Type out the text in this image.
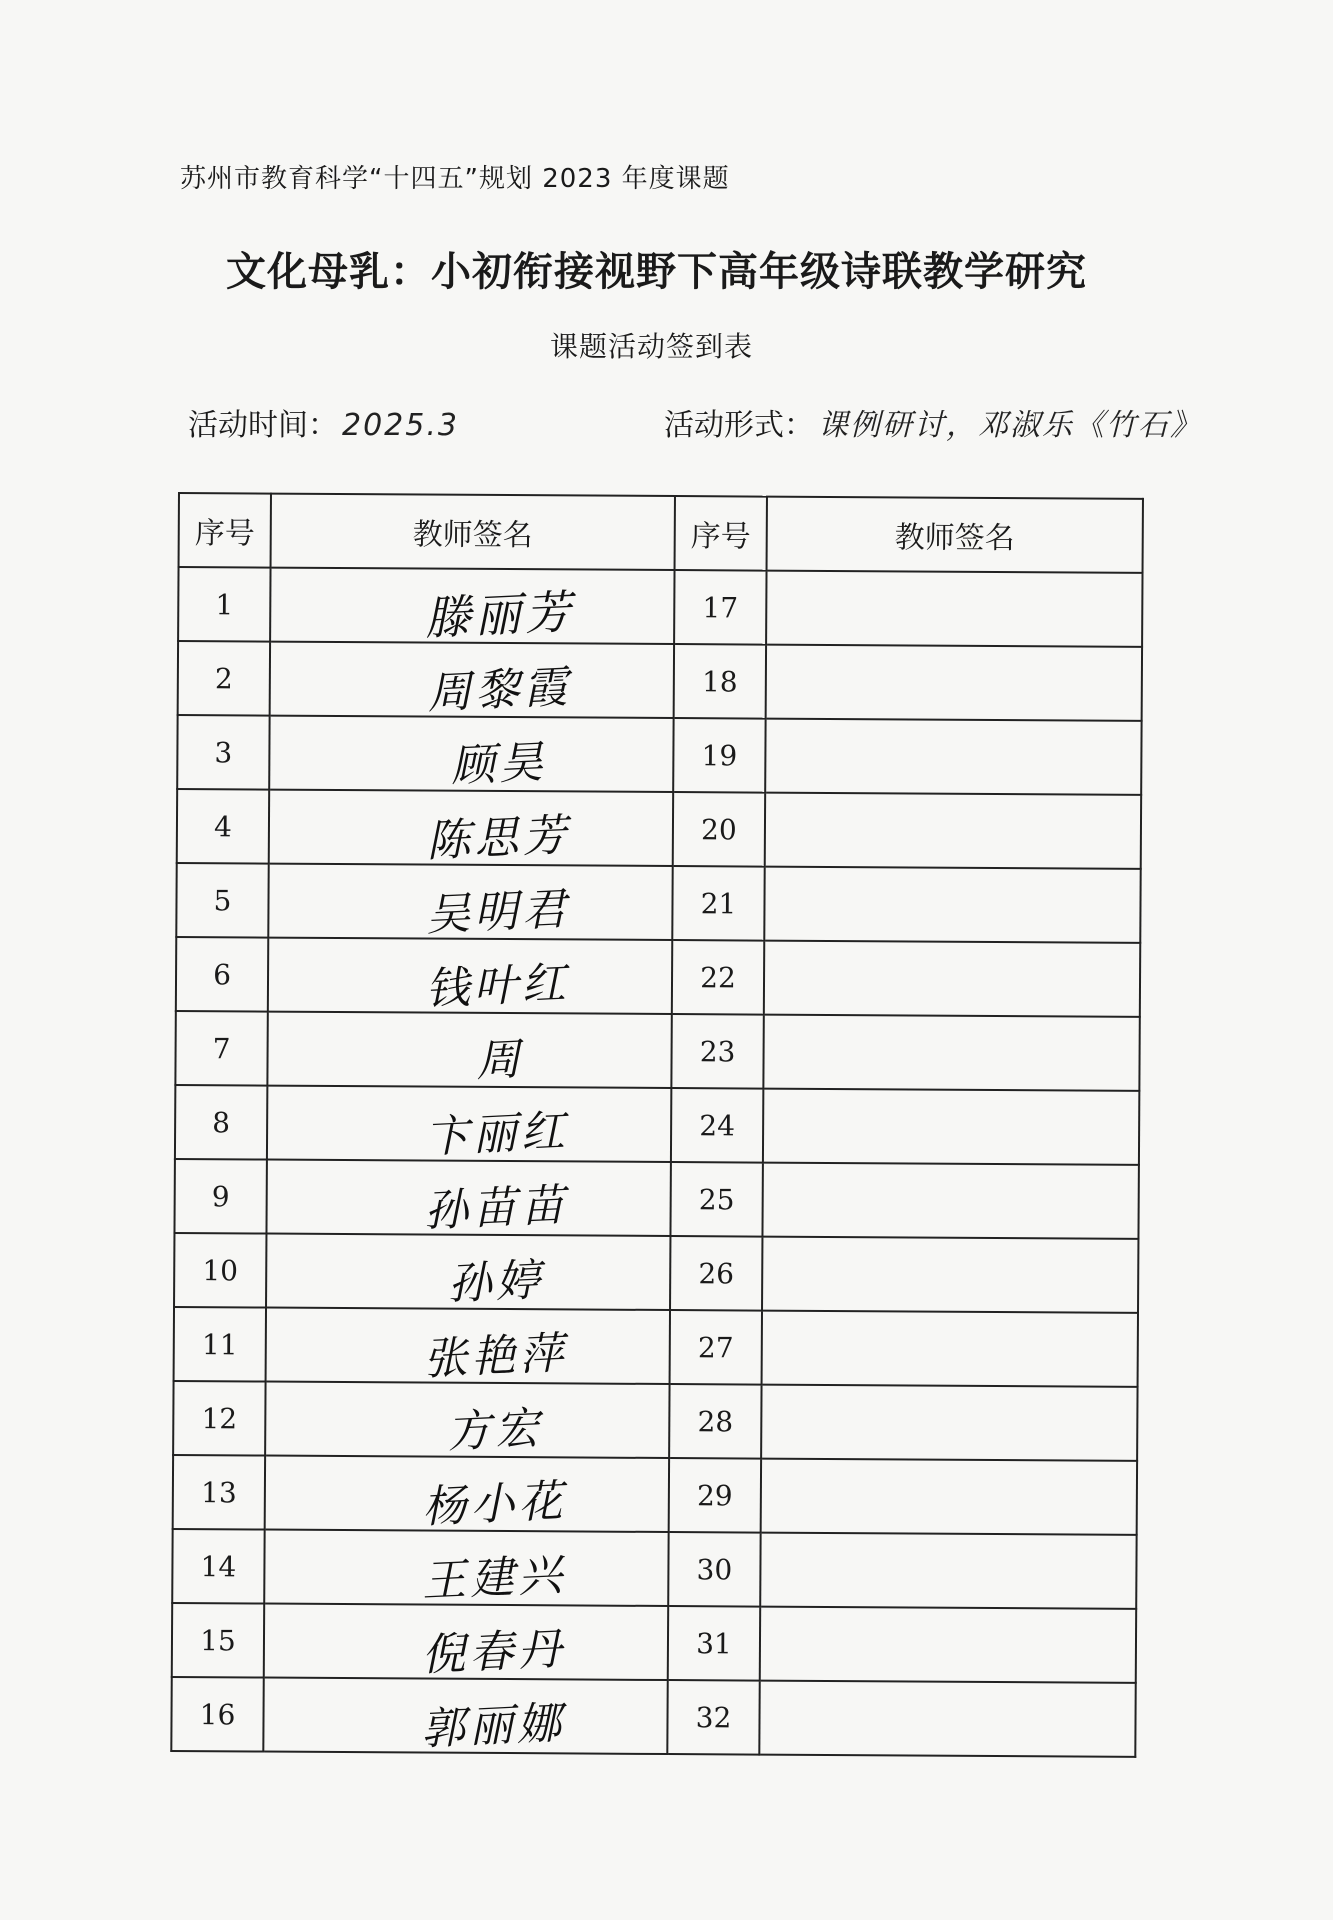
苏州市教育科学“十四五”规划 2023 年度课题
文化母乳：小初衔接视野下高年级诗联教学研究
课题活动签到表
活动时间： 2025.3	活动形式： 课例研讨，邓淑乐《竹石》
序号	教师签名	序号	教师签名
1	滕丽芳	17	
2	周黎霞	18	
3	顾昊	19	
4	陈思芳	20	
5	吴明君	21	
6	钱叶红	22	
7	周	23	
8	卞丽红	24	
9	孙苗苗	25	
10	孙婷	26	
11	张艳萍	27	
12	方宏	28	
13	杨小花	29	
14	王建兴	30	
15	倪春丹	31	
16	郭丽娜	32	
